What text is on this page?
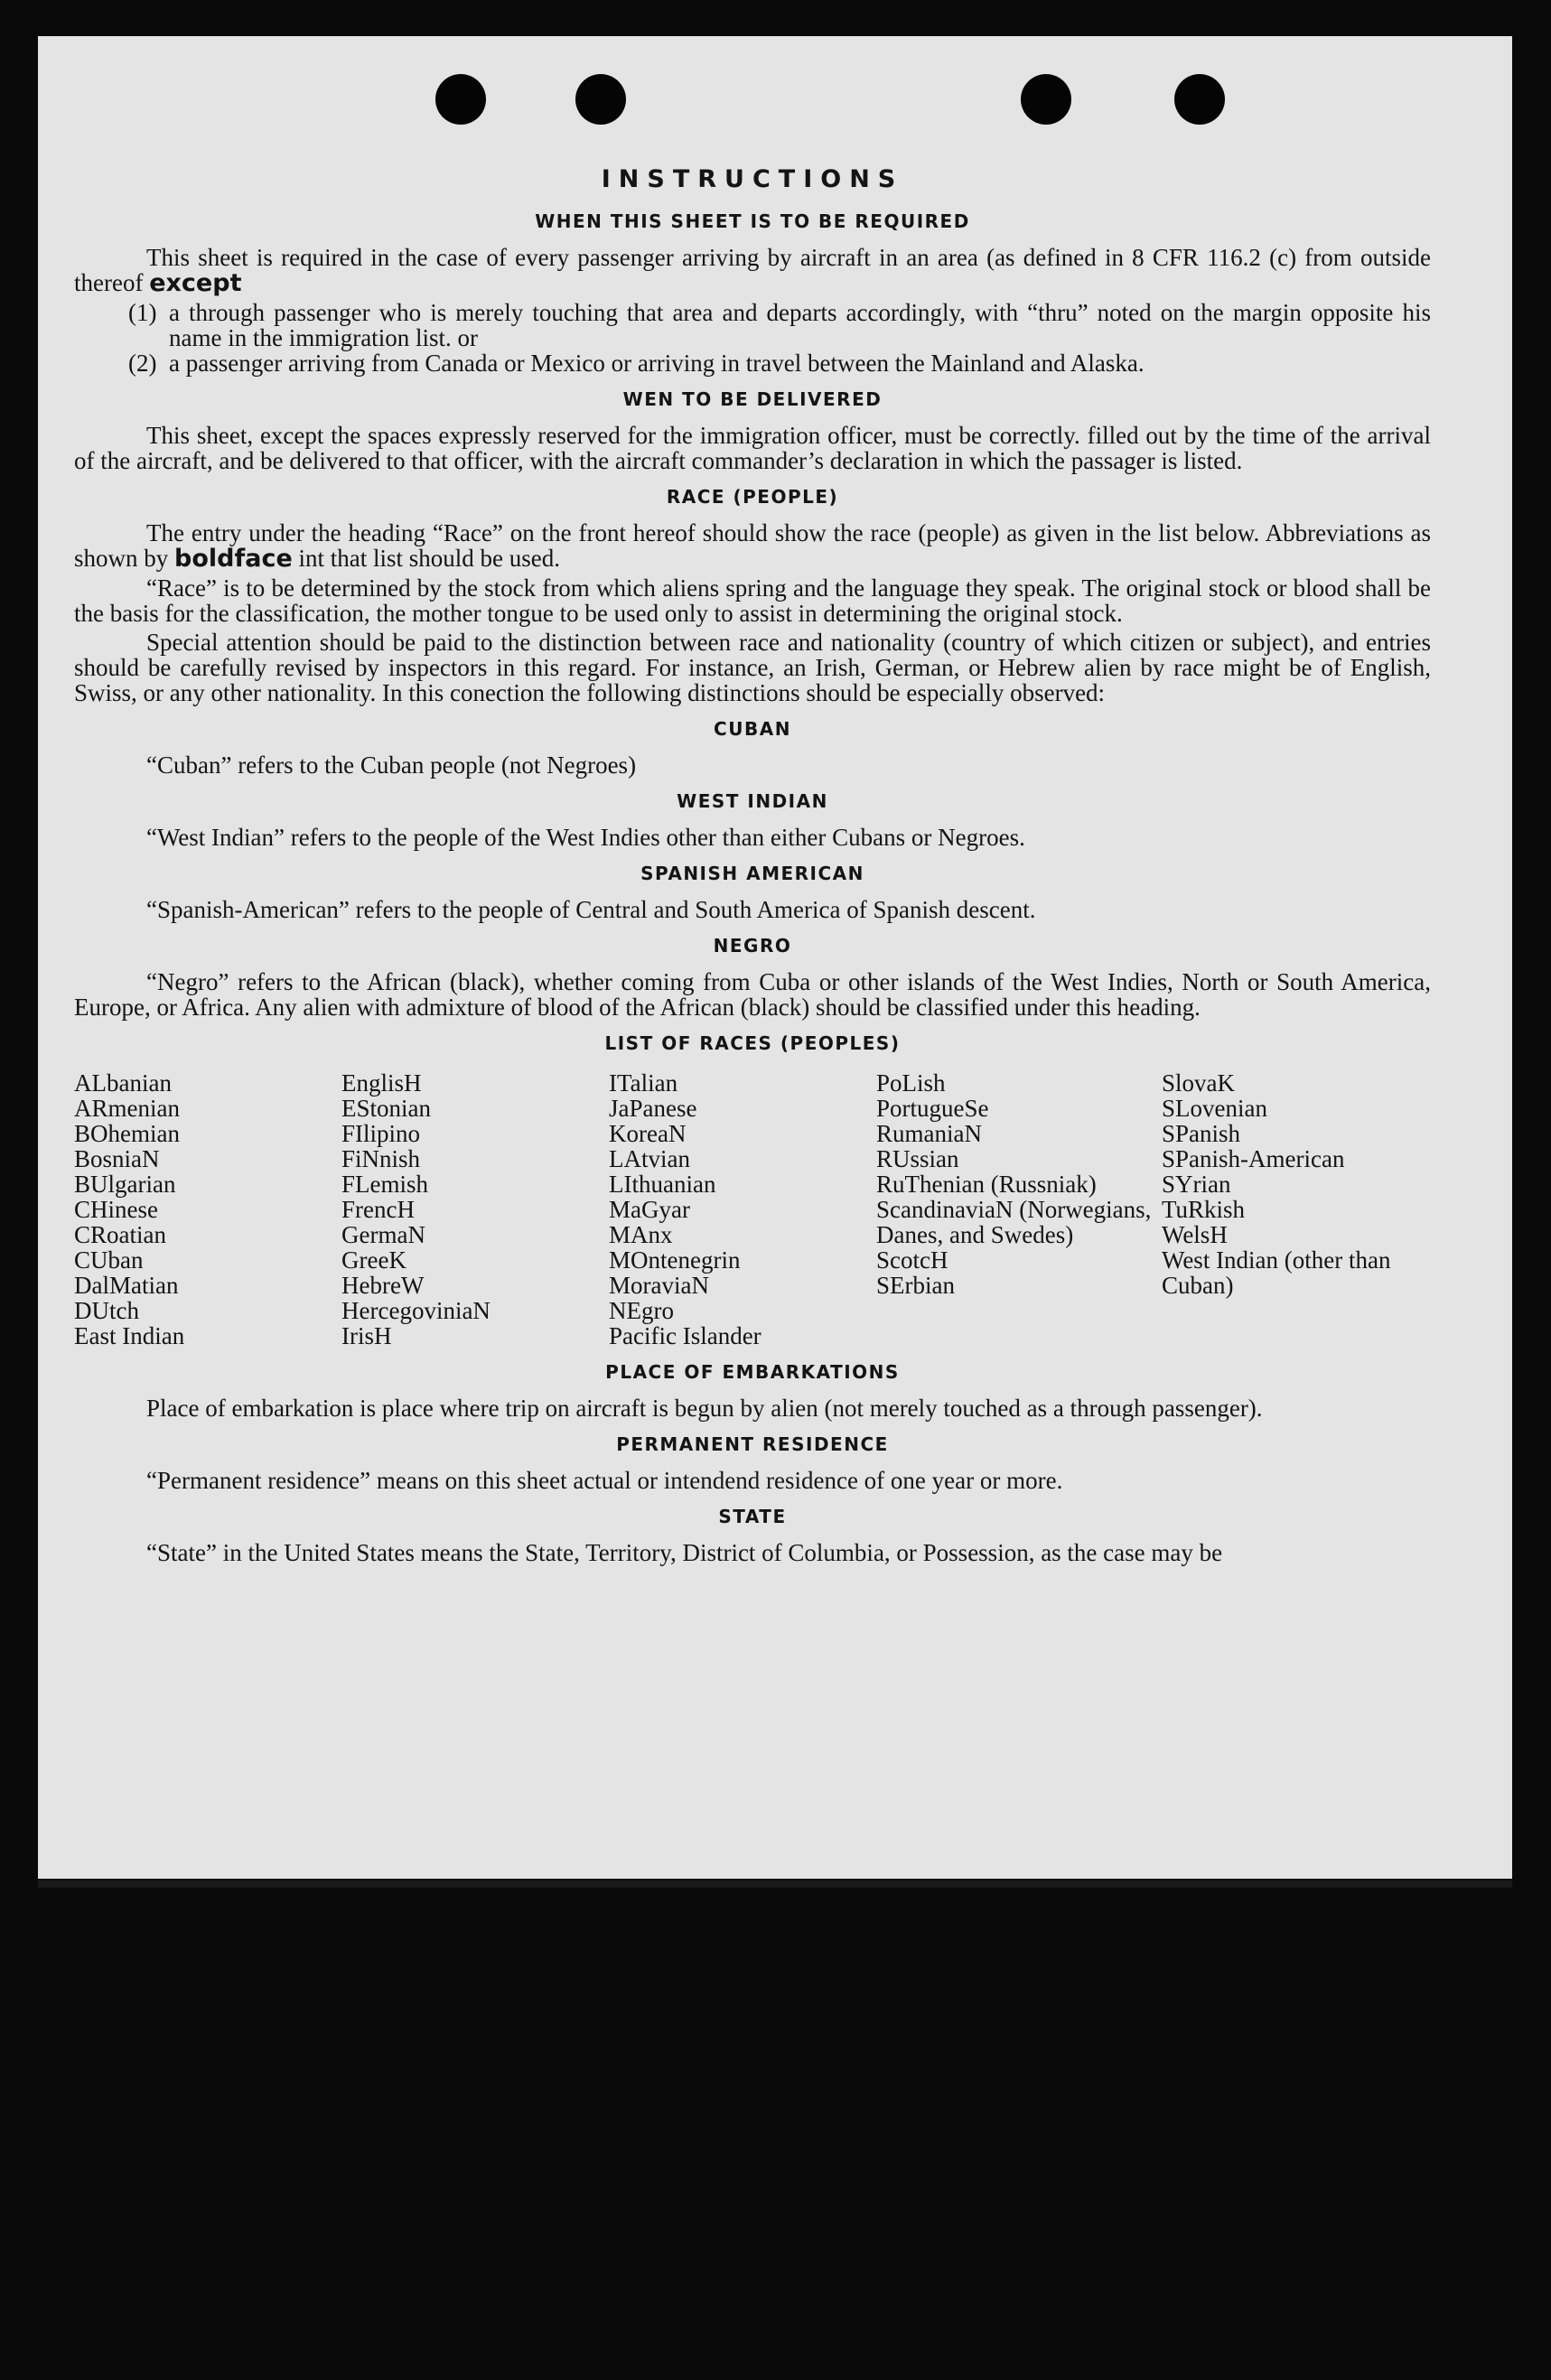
INSTRUCTIONS
WHEN THIS SHEET IS TO BE REQUIRED

This sheet is required in the case of every passenger arriving by aircraft in an area (as defined in 8 CFR 116.2 (c) from outside thereof except

(1) a through passenger who is merely touching that area and departs accordingly, with “thru” noted on the margin opposite his name in the immigration list. or
(2) a passenger arriving from Canada or Mexico or arriving in travel between the Mainland and Alaska.
WEN TO BE DELIVERED

This sheet, except the spaces expressly reserved for the immigration officer, must be correctly. filled out by the time of the arrival of the aircraft, and be delivered to that officer, with the aircraft commander’s declaration in which the passager is listed.

RACE (PEOPLE)

The entry under the heading “Race” on the front hereof should show the race (people) as given in the list below. Abbreviations as shown by boldface int that list should be used.

“Race” is to be determined by the stock from which aliens spring and the language they speak. The original stock or blood shall be the basis for the classification, the mother tongue to be used only to assist in determining the original stock.

Special attention should be paid to the distinction between race and nationality (country of which citizen or subject), and entries should be carefully revised by inspectors in this regard. For instance, an Irish, German, or Hebrew alien by race might be of English, Swiss, or any other nationality. In this conection the following distinctions should be especially observed:

CUBAN

“Cuban” refers to the Cuban people (not Negroes)

WEST INDIAN

“West Indian” refers to the people of the West Indies other than either Cubans or Negroes.

SPANISH AMERICAN

“Spanish-American” refers to the people of Central and South America of Spanish descent.

NEGRO

“Negro” refers to the African (black), whether coming from Cuba or other islands of the West Indies, North or South America, Europe, or Africa. Any alien with admixture of blood of the African (black) should be classified under this heading.

LIST OF RACES (PEOPLES)
ALbanian
ARmenian
BOhemian
BosniaN
BUlgarian
CHinese
CRoatian
CUban
DalMatian
DUtch
East Indian
EnglisH
EStonian
FIlipino
FiNnish
FLemish
FrencH
GermaN
GreeK
HebreW
HercegoviniaN
IrisH
ITalian
JaPanese
KoreaN
LAtvian
LIthuanian
MaGyar
MAnx
MOntenegrin
MoraviaN
NEgro
Pacific Islander
PoLish
PortugueSe
RumaniaN
RUssian
RuThenian (Russniak)
ScandinaviaN (Norwegians, Danes, and Swedes)
ScotcH
SErbian
SlovaK
SLovenian
SPanish
SPanish-American
SYrian
TuRkish
WelsH
West Indian (other than Cuban)
PLACE OF EMBARKATIONS

Place of embarkation is place where trip on aircraft is begun by alien (not merely touched as a through passenger).

PERMANENT RESIDENCE

“Permanent residence” means on this sheet actual or intendend residence of one year or more.

STATE

“State” in the United States means the State, Territory, District of Columbia, or Possession, as the case may be
